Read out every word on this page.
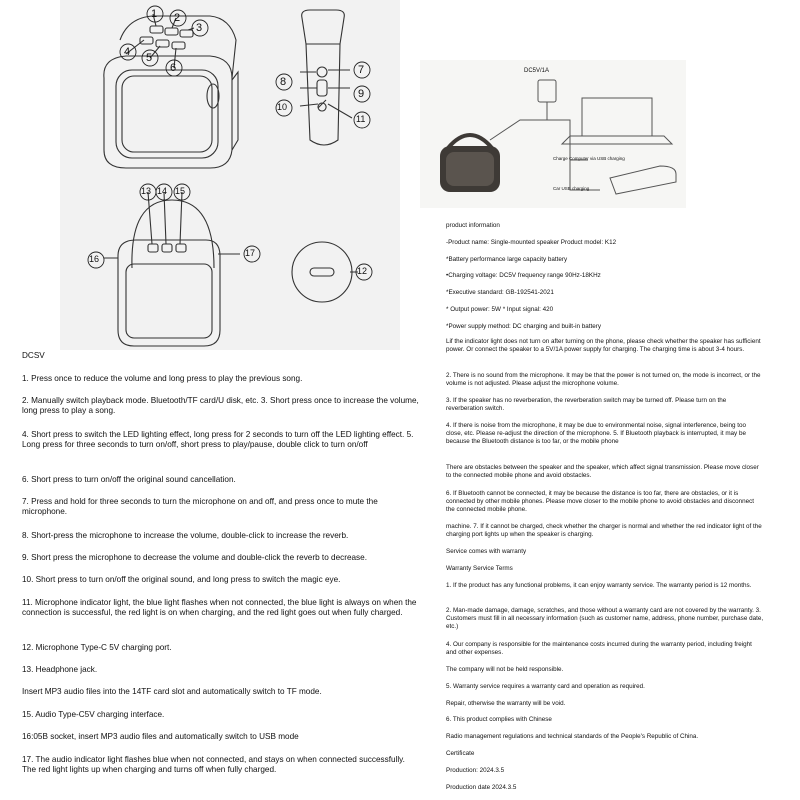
1 2
3
4 5
6	7
8
9
10
11
12
13 14 15
16
17
DC5V/1A
Charge Computer via USB charging
Car USB charging
DCSV
1. Press once to reduce the volume and long press to play the previous song.
2. Manually switch playback mode. Bluetooth/TF card/U disk, etc. 3. Short press once to increase the volume, long press to play a song.
4. Short press to switch the LED lighting effect, long press for 2 seconds to turn off the LED lighting effect. 5. Long press for three seconds to turn on/off, short press to play/pause, double click to turn on/off
6. Short press to turn on/off the original sound cancellation.
7. Press and hold for three seconds to turn the microphone on and off, and press once to mute the microphone.
8. Short-press the microphone to increase the volume, double-click to increase the reverb.
9. Short press the microphone to decrease the volume and double-click the reverb to decrease.
10. Short press to turn on/off the original sound, and long press to switch the magic eye.
11. Microphone indicator light, the blue light flashes when not connected, the blue light is always on when the connection is successful, the red light is on when charging, and the red light goes out when fully charged.
12. Microphone Type-C 5V charging port.
13. Headphone jack.
Insert MP3 audio files into the 14TF card slot and automatically switch to TF mode.
15. Audio Type-C5V charging interface.
16:05B socket, insert MP3 audio files and automatically switch to USB mode
17. The audio indicator light flashes blue when not connected, and stays on when connected successfully. The red light lights up when charging and turns off when fully charged.
product information
-Product name: Single-mounted speaker Product model: K12
*Battery performance large capacity battery
•Charging voltage: DC5V frequency range 90Hz-18KHz
*Executive standard: GB-192541-2021
* Output power: 5W * Input signal: 420
*Power supply method: DC charging and built-in battery
Lif the indicator light does not turn on after turning on the phone, please check whether the speaker has sufficient power. Or connect the speaker to a 5V/1A power supply for charging. The charging time is about 3-4 hours.
2. There is no sound from the microphone. It may be that the power is not turned on, the mode is incorrect, or the volume is not adjusted. Please adjust the microphone volume.
3. If the speaker has no reverberation, the reverberation switch may be turned off. Please turn on the reverberation switch.
4. If there is noise from the microphone, it may be due to environmental noise, signal interference, being too close, etc. Please re-adjust the direction of the microphone. 5. If Bluetooth playback is interrupted, it may be because the Bluetooth distance is too far, or the mobile phone
There are obstacles between the speaker and the speaker, which affect signal transmission. Please move closer to the connected mobile phone and avoid obstacles.
6. If Bluetooth cannot be connected, it may be because the distance is too far, there are obstacles, or it is connected by other mobile phones. Please move closer to the mobile phone to avoid obstacles and disconnect the connected mobile phone.
machine. 7. If it cannot be charged, check whether the charger is normal and whether the red indicator light of the charging port lights up when the speaker is charging.
Service comes with warranty
Warranty Service Terms
1. If the product has any functional problems, it can enjoy warranty service. The warranty period is 12 months.
2. Man-made damage, damage, scratches, and those without a warranty card are not covered by the warranty. 3. Customers must fill in all necessary information (such as customer name, address, phone number, purchase date, etc.)
4. Our company is responsible for the maintenance costs incurred during the warranty period, including freight and other expenses.
The company will not be held responsible.
5. Warranty service requires a warranty card and operation as required.
Repair, otherwise the warranty will be void.
6. This product complies with Chinese
Radio management regulations and technical standards of the People's Republic of China.
Certificate
Production: 2024.3.5
Production date 2024.3.5
